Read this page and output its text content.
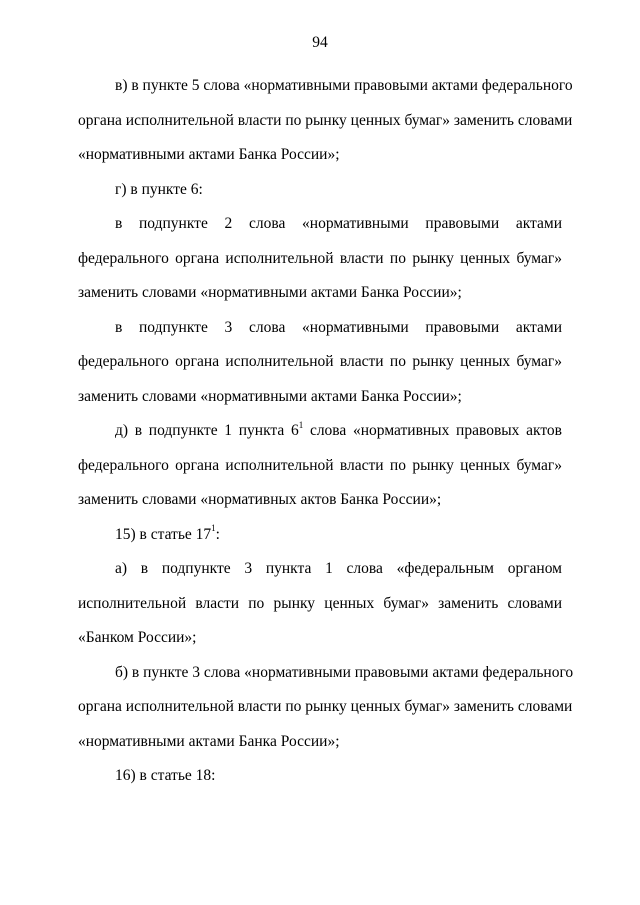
94
в) в пункте 5 слова «нормативными правовыми актами федерального
органа исполнительной власти по рынку ценных бумаг» заменить словами
«нормативными актами Банка России»;
г) в пункте 6:
в подпункте 2 слова «нормативными правовыми актами
федерального органа исполнительной власти по рынку ценных бумаг»
заменить словами «нормативными актами Банка России»;
в подпункте 3 слова «нормативными правовыми актами
федерального органа исполнительной власти по рынку ценных бумаг»
заменить словами «нормативными актами Банка России»;
д) в подпункте 1 пункта $6^1$ слова «нормативных правовых актов
федерального органа исполнительной власти по рынку ценных бумаг»
заменить словами «нормативных актов Банка России»;
15) в статье $17^1$:
а) в подпункте 3 пункта 1 слова «федеральным органом
исполнительной власти по рынку ценных бумаг» заменить словами
«Банком России»;
б) в пункте 3 слова «нормативными правовыми актами федерального
органа исполнительной власти по рынку ценных бумаг» заменить словами
«нормативными актами Банка России»;
16) в статье 18:
